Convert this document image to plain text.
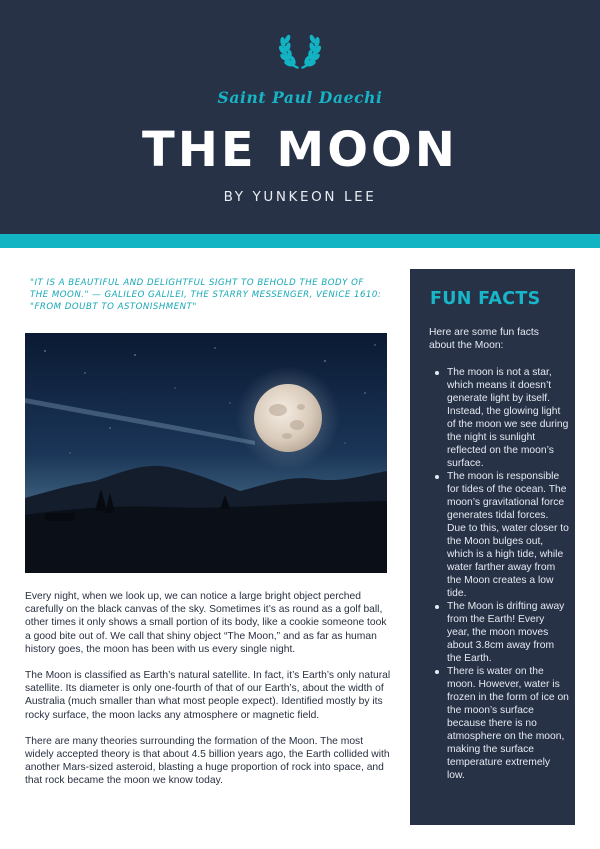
Saint Paul Daechi
THE MOON
BY YUNKEON LEE
"IT IS A BEAUTIFUL AND DELIGHTFUL SIGHT TO BEHOLD THE BODY OF THE MOON." — GALILEO GALILEI, THE STARRY MESSENGER, VENICE 1610: "FROM DOUBT TO ASTONISHMENT"

Every night, when we look up, we can notice a large bright object perched carefully on the black canvas of the sky. Sometimes it’s as round as a golf ball, other times it only shows a small portion of its body, like a cookie someone took a good bite out of. We call that shiny object “The Moon,” and as far as human history goes, the moon has been with us every single night.

The Moon is classified as Earth’s natural satellite. In fact, it’s Earth’s only natural satellite. Its diameter is only one-fourth of that of our Earth’s, about the width of Australia (much smaller than what most people expect). Identified mostly by its rocky surface, the moon lacks any atmosphere or magnetic field.

There are many theories surrounding the formation of the Moon. The most widely accepted theory is that about 4.5 billion years ago, the Earth collided with another Mars-sized asteroid, blasting a huge proportion of rock into space, and that rock became the moon we know today.

FUN FACTS
Here are some fun facts about the Moon:
The moon is not a star, which means it doesn’t generate light by itself. Instead, the glowing light of the moon we see during the night is sunlight reflected on the moon’s surface.
The moon is responsible for tides of the ocean. The moon’s gravitational force generates tidal forces. Due to this, water closer to the Moon bulges out, which is a high tide, while water farther away from the Moon creates a low tide.
The Moon is drifting away from the Earth! Every year, the moon moves about 3.8cm away from the Earth.
There is water on the moon. However, water is frozen in the form of ice on the moon’s surface because there is no atmosphere on the moon, making the surface temperature extremely low.
